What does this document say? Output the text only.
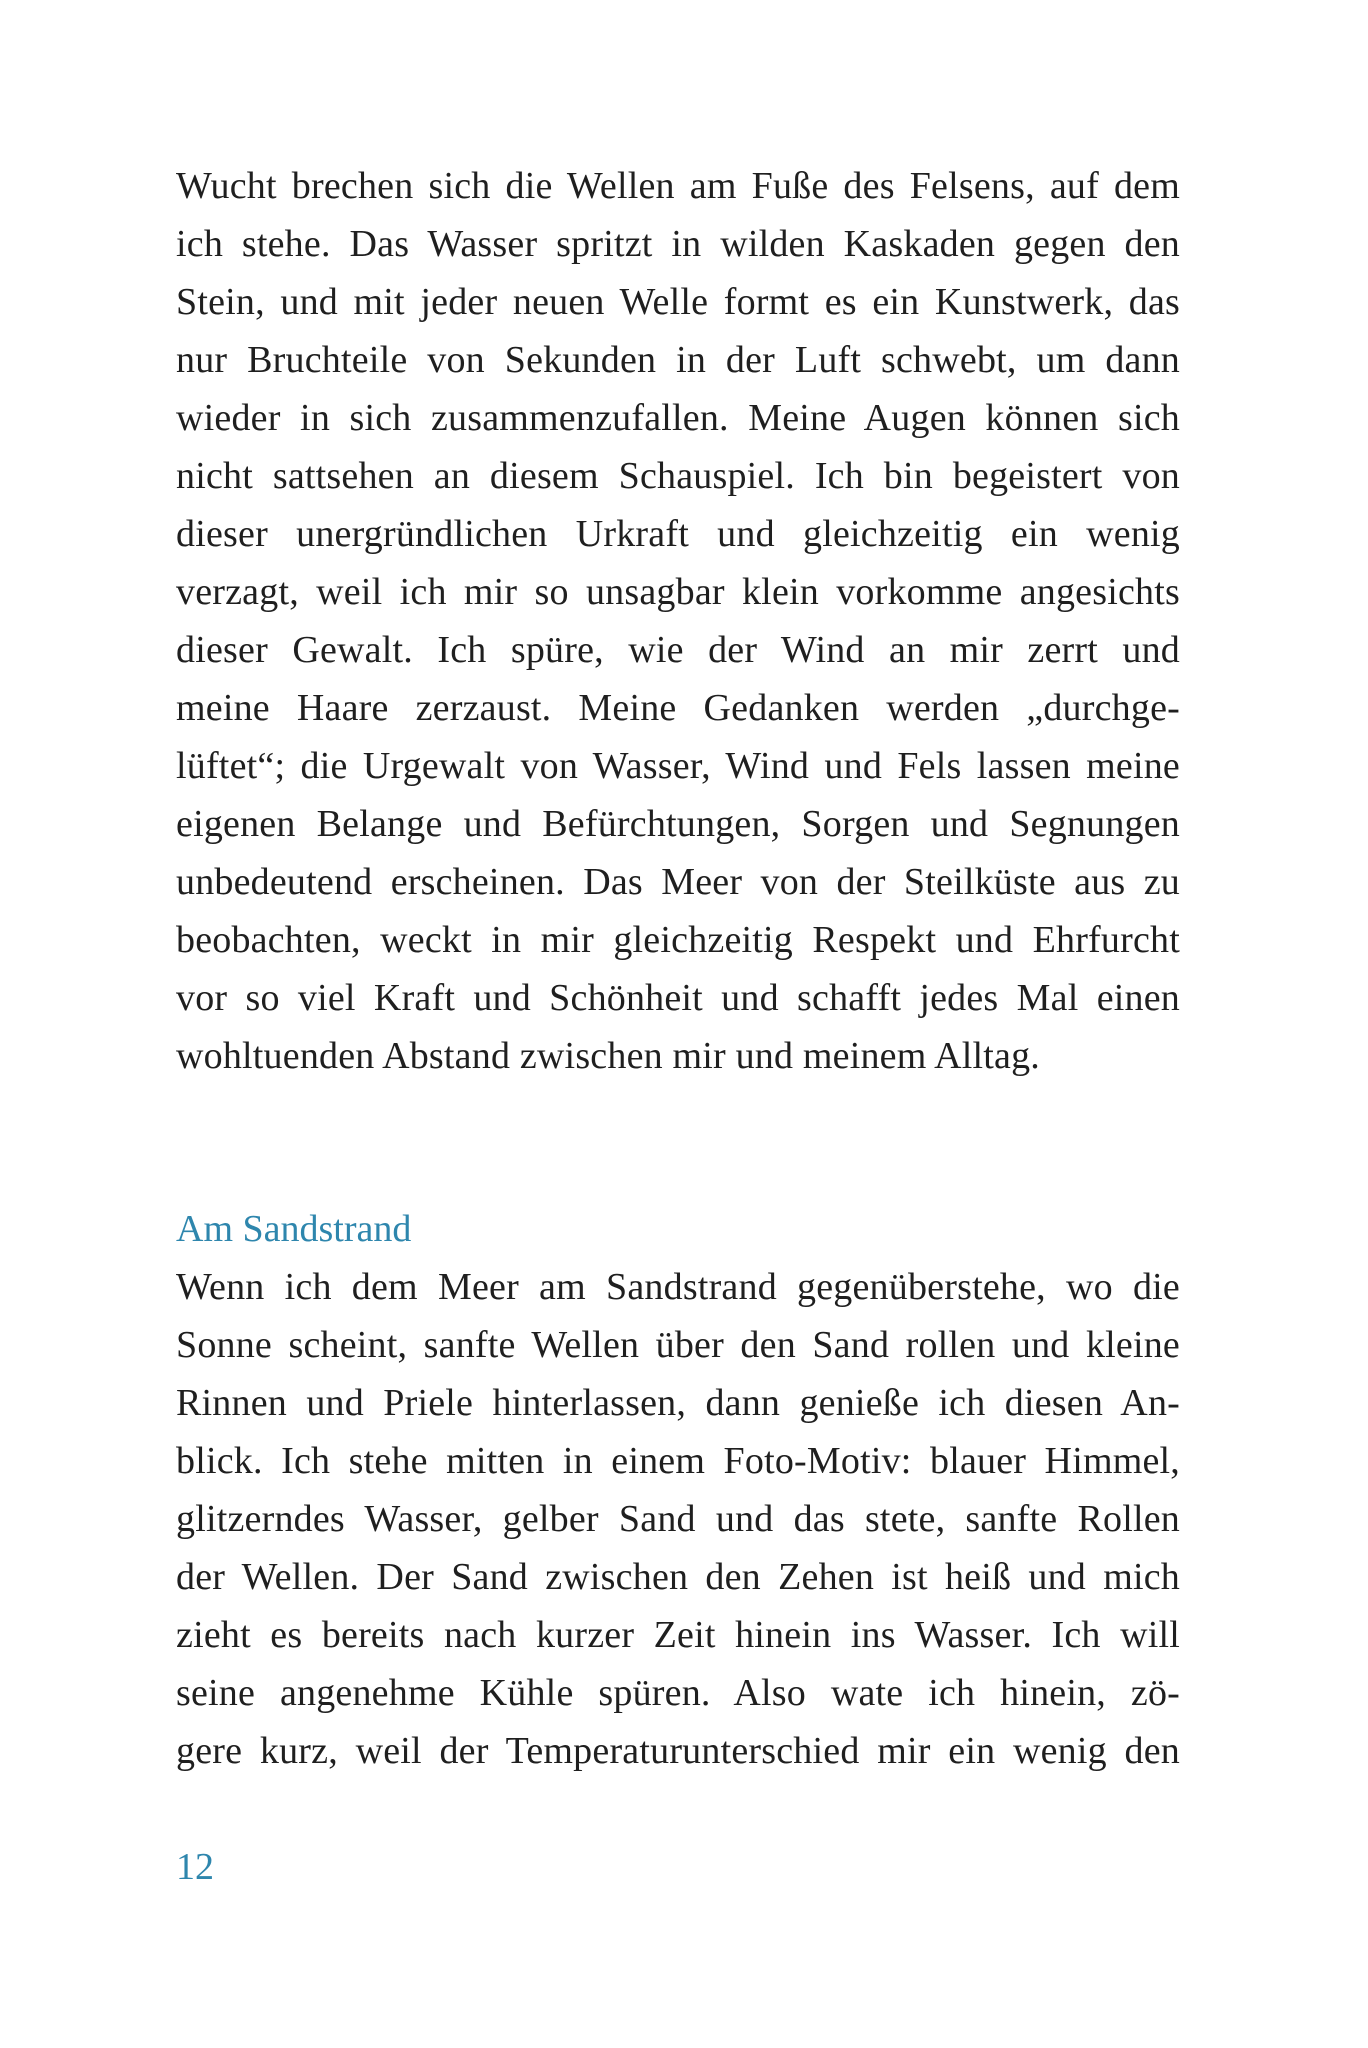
Wucht brechen sich die Wellen am Fuße des Felsens, auf dem
ich stehe. Das Wasser spritzt in wilden Kaskaden gegen den
Stein, und mit jeder neuen Welle formt es ein Kunstwerk, das
nur Bruchteile von Sekunden in der Luft schwebt, um dann
wieder in sich zusammenzufallen. Meine Augen können sich
nicht sattsehen an diesem Schauspiel. Ich bin begeistert von
dieser unergründlichen Urkraft und gleichzeitig ein wenig
verzagt, weil ich mir so unsagbar klein vorkomme angesichts
dieser Gewalt. Ich spüre, wie der Wind an mir zerrt und
meine Haare zerzaust. Meine Gedanken werden „durchge-
lüftet“; die Urgewalt von Wasser, Wind und Fels lassen meine
eigenen Belange und Befürchtungen, Sorgen und Segnungen
unbedeutend erscheinen. Das Meer von der Steilküste aus zu
beobachten, weckt in mir gleichzeitig Respekt und Ehrfurcht
vor so viel Kraft und Schönheit und schafft jedes Mal einen
wohltuenden Abstand zwischen mir und meinem Alltag.
Am Sandstrand
Wenn ich dem Meer am Sandstrand gegenüberstehe, wo die
Sonne scheint, sanfte Wellen über den Sand rollen und kleine
Rinnen und Priele hinterlassen, dann genieße ich diesen An-
blick. Ich stehe mitten in einem Foto-Motiv: blauer Himmel,
glitzerndes Wasser, gelber Sand und das stete, sanfte Rollen
der Wellen. Der Sand zwischen den Zehen ist heiß und mich
zieht es bereits nach kurzer Zeit hinein ins Wasser. Ich will
seine angenehme Kühle spüren. Also wate ich hinein, zö-
gere kurz, weil der Temperaturunterschied mir ein wenig den
12
